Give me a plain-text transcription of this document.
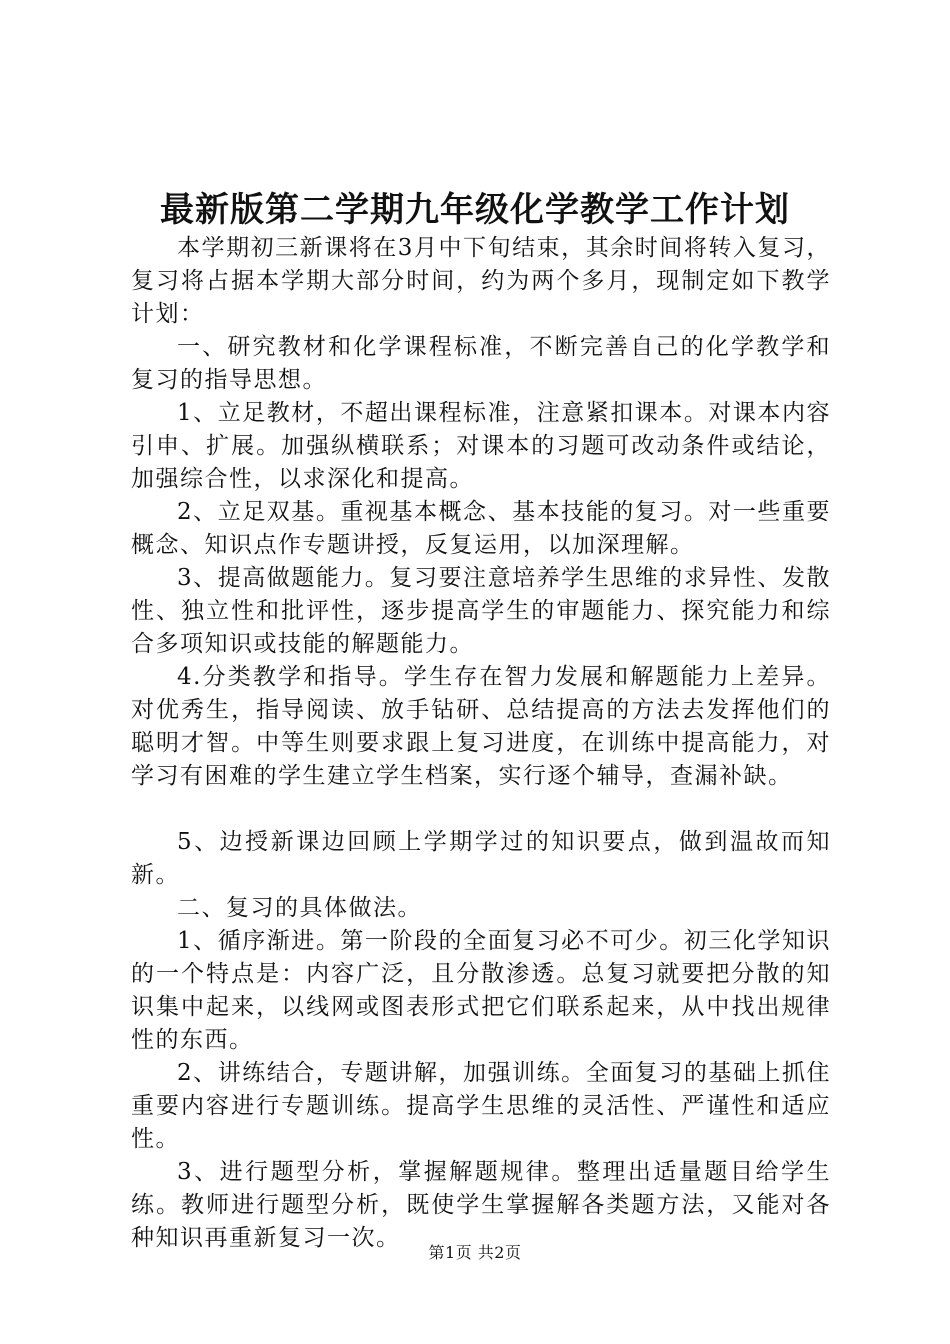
最新版第二学期九年级化学教学工作计划

本学期初三新课将在3月中下旬结束，其余时间将转入复习，复习将占据本学期大部分时间，约为两个多月，现制定如下教学计划：

一、研究教材和化学课程标准，不断完善自己的化学教学和复习的指导思想。

1、立足教材，不超出课程标准，注意紧扣课本。对课本内容引申、扩展。加强纵横联系；对课本的习题可改动条件或结论，加强综合性，以求深化和提高。

2、立足双基。重视基本概念、基本技能的复习。对一些重要概念、知识点作专题讲授，反复运用，以加深理解。

3、提高做题能力。复习要注意培养学生思维的求异性、发散性、独立性和批评性，逐步提高学生的审题能力、探究能力和综合多项知识或技能的解题能力。

4.分类教学和指导。学生存在智力发展和解题能力上差异。对优秀生，指导阅读、放手钻研、总结提高的方法去发挥他们的聪明才智。中等生则要求跟上复习进度，在训练中提高能力，对学习有困难的学生建立学生档案，实行逐个辅导，查漏补缺。

5、边授新课边回顾上学期学过的知识要点，做到温故而知新。

二、复习的具体做法。

1、循序渐进。第一阶段的全面复习必不可少。初三化学知识的一个特点是：内容广泛，且分散渗透。总复习就要把分散的知识集中起来，以线网或图表形式把它们联系起来，从中找出规律性的东西。

2、讲练结合，专题讲解，加强训练。全面复习的基础上抓住重要内容进行专题训练。提高学生思维的灵活性、严谨性和适应性。

3、进行题型分析，掌握解题规律。整理出适量题目给学生练。教师进行题型分析，既使学生掌握解各类题方法，又能对各种知识再重新复习一次。

第1页 共2页
